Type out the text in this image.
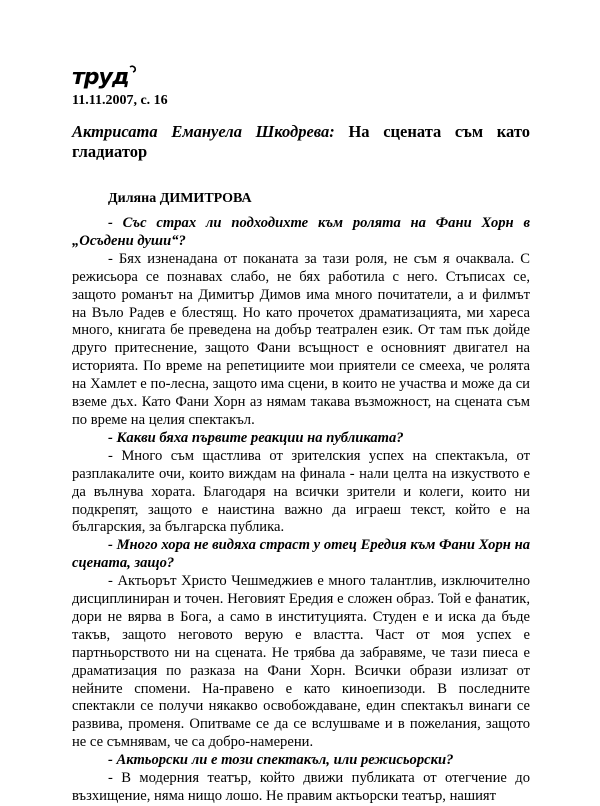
труд
11.11.2007, с. 16
Актрисата Емануела Шкодрева: На сцената съм като гладиатор
Диляна ДИМИТРОВА

- Със страх ли подходихте към ролята на Фани Хорн в „Осъдени души“?

- Бях изненадана от поканата за тази роля, не съм я очаквала. С режисьора се познавах слабо, не бях работила с него. Стъписах се, защото романът на Димитър Димов има много почитатели, а и филмът на Вълo Радев е блестящ. Но като прочетох драматизацията, ми хареса много, книгата бе преведена на добър театрален език. От там пък дойде друго притеснение, защото Фани всъщност е основният двигател на историята. По време на репетициите мои приятели се смееха, че ролята на Хамлет е по-лесна, защото има сцени, в които не участва и може да си вземе дъх. Като Фани Хорн аз нямам такава възможност, на сцената съм по време на целия спектакъл.

- Какви бяха първите реакции на публиката?

- Много съм щастлива от зрителския успех на спектакъла, от разплакалите очи, които виждам на финала - нали целта на изкуството е да вълнува хората. Благодаря на всички зрители и колеги, които ни подкрепят, защото е наистина важно да играеш текст, който е на българския, за българска публика.

- Много хора не видяха страст у отец Ередия към Фани Хорн на сцената, защо?

- Актьорът Христо Чешмеджиев е много талантлив, изключително дисциплиниран и точен. Неговият Ередия е сложен образ. Той е фанатик, дори не вярва в Бога, а само в институцията. Студен е и иска да бъде такъв, защото неговото верую е властта. Част от моя успех е партньорството ни на сцената. Не трябва да забравяме, че тази пиеса е драматизация по разказа на Фани Хорн. Всички образи излизат от нейните спомени. На-правено е като киноепизоди. В последните спектакли се получи някакво освобождаване, един спектакъл винаги се развива, променя. Опитваме се да се вслушваме и в пожелания, защото не се съмнявам, че са добро-намерени.

- Актьорски ли е този спектакъл, или режисьорски?

- В модерния театър, който движи публиката от отегчение до възхищение, няма нищо лошо. Не правим актьорски театър, нашият
